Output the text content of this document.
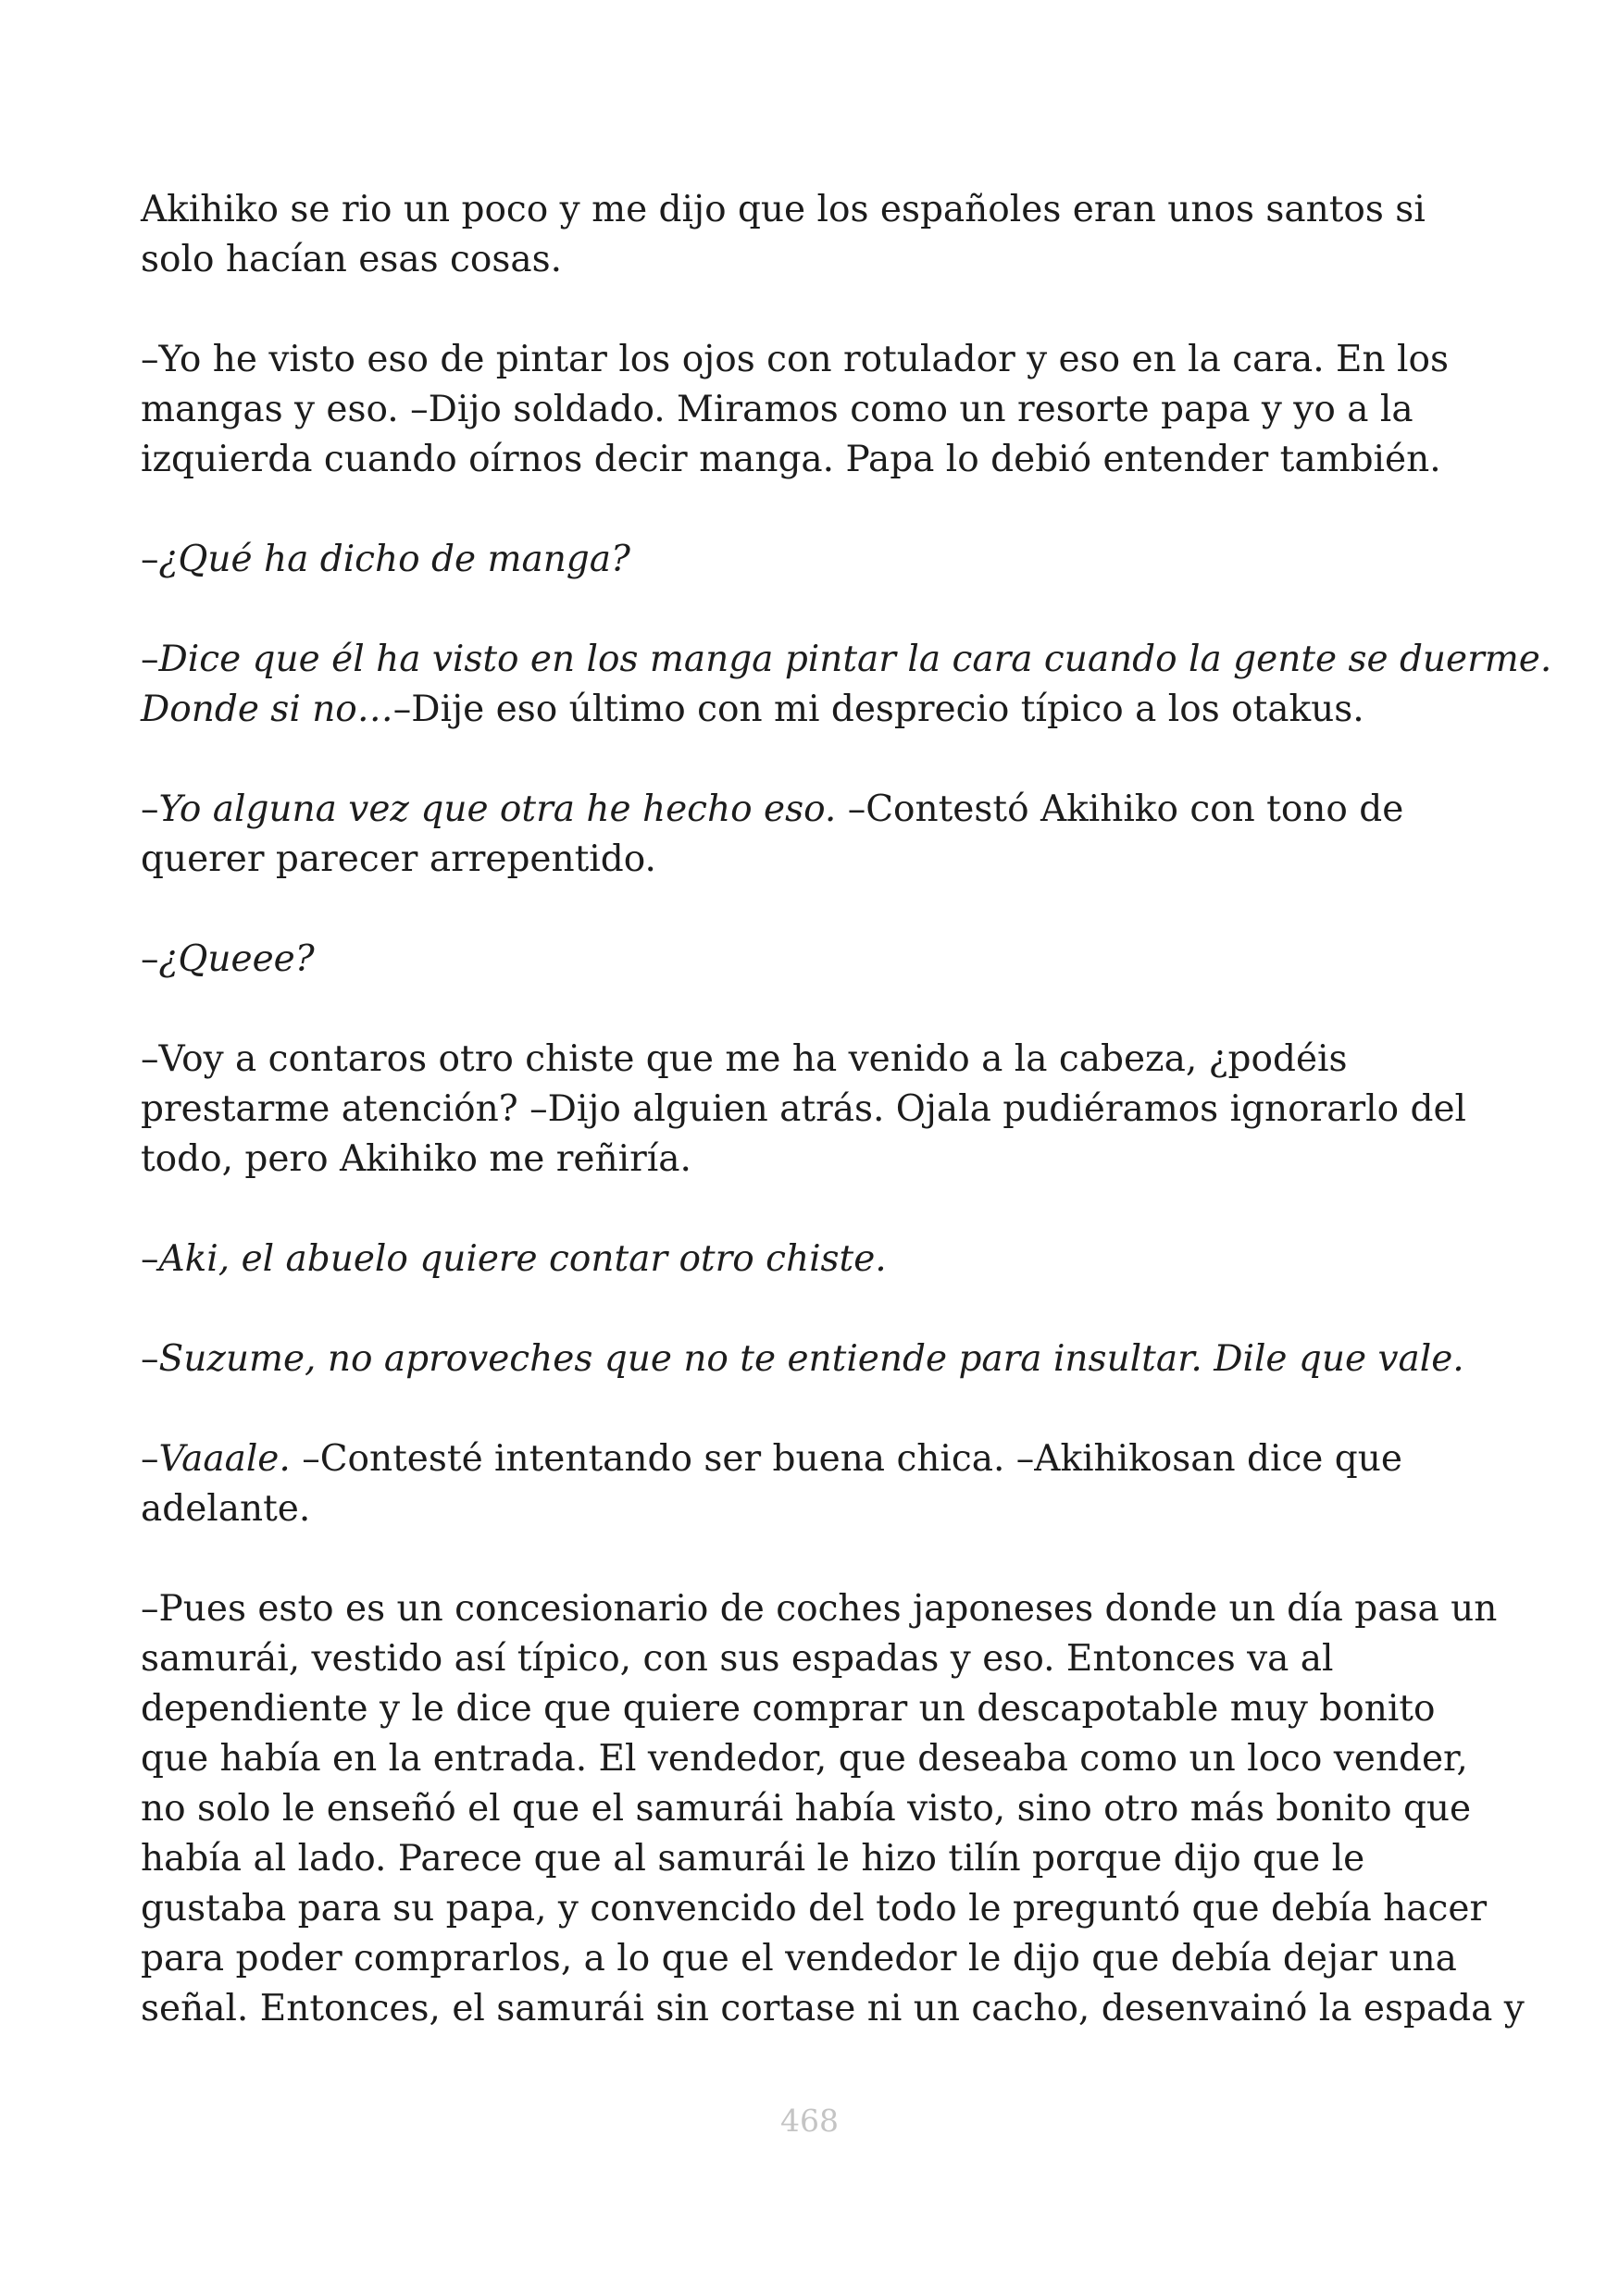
Akihiko se rio un poco y me dijo que los españoles eran unos santos si
solo hacían esas cosas.

–Yo he visto eso de pintar los ojos con rotulador y eso en la cara. En los
mangas y eso. –Dijo soldado. Miramos como un resorte papa y yo a la
izquierda cuando oírnos decir manga. Papa lo debió entender también.

–¿Qué ha dicho de manga?

–Dice que él ha visto en los manga pintar la cara cuando la gente se duerme.
Donde si no…–Dije eso último con mi desprecio típico a los otakus.

–Yo alguna vez que otra he hecho eso. –Contestó Akihiko con tono de
querer parecer arrepentido.

–¿Queee?

–Voy a contaros otro chiste que me ha venido a la cabeza, ¿podéis
prestarme atención? –Dijo alguien atrás. Ojala pudiéramos ignorarlo del
todo, pero Akihiko me reñiría.

–Aki, el abuelo quiere contar otro chiste.

–Suzume, no aproveches que no te entiende para insultar. Dile que vale.

–Vaaale. –Contesté intentando ser buena chica. –Akihikosan dice que
adelante.

–Pues esto es un concesionario de coches japoneses donde un día pasa un
samurái, vestido así típico, con sus espadas y eso. Entonces va al
dependiente y le dice que quiere comprar un descapotable muy bonito
que había en la entrada. El vendedor, que deseaba como un loco vender,
no solo le enseñó el que el samurái había visto, sino otro más bonito que
había al lado. Parece que al samurái le hizo tilín porque dijo que le
gustaba para su papa, y convencido del todo le preguntó que debía hacer
para poder comprarlos, a lo que el vendedor le dijo que debía dejar una
señal. Entonces, el samurái sin cortase ni un cacho, desenvainó la espada y

468
